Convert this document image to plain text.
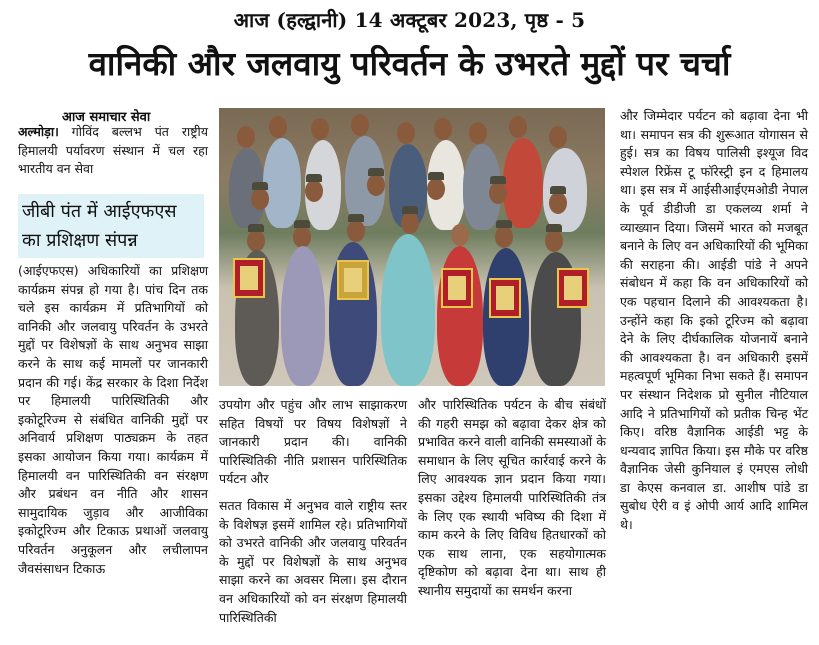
आज (हल्द्वानी) 14 अक्टूबर 2023, पृष्ठ - 5
वानिकी और जलवायु परिवर्तन के उभरते मुद्दों पर चर्चा
आज समाचार सेवा

अल्मोड़ा। गोविंद बल्लभ पंत राष्ट्रीय हिमालयी पर्यावरण संस्थान में चल रहा भारतीय वन सेवा

जीबी पंत में आईएफएस का प्रशिक्षण संपन्न

(आईएफएस) अधिकारियों का प्रशिक्षण कार्यक्रम संपन्न हो गया है। पांच दिन तक चले इस कार्यक्रम में प्रतिभागियों को वानिकी और जलवायु परिवर्तन के उभरते मुद्दों पर विशेषज्ञों के साथ अनुभव साझा करने के साथ कई मामलों पर जानकारी प्रदान की गई। केंद्र सरकार के दिशा निर्देश पर हिमालयी पारिस्थितिकी और इकोटूरिज्म से संबंधित वानिकी मुद्दों पर अनिवार्य प्रशिक्षण पाठ्यक्रम के तहत इसका आयोजन किया गया। कार्यक्रम में हिमालयी वन पारिस्थितिकी वन संरक्षण और प्रबंधन वन नीति और शासन सामुदायिक जुड़ाव और आजीविका इकोटूरिज्म और टिकाऊ प्रथाओं जलवायु परिवर्तन अनुकूलन और लचीलापन जैवसंसाधन टिकाऊ

उपयोग और पहुंच और लाभ साझाकरण सहित विषयों पर विषय विशेषज्ञों ने जानकारी प्रदान की। वानिकी पारिस्थितिकी नीति प्रशासन पारिस्थितिक पर्यटन और

सतत विकास में अनुभव वाले राष्ट्रीय स्तर के विशेषज्ञ इसमें शामिल रहे। प्रतिभागियों को उभरते वानिकी और जलवायु परिवर्तन के मुद्दों पर विशेषज्ञों के साथ अनुभव साझा करने का अवसर मिला। इस दौरान वन अधिकारियों को वन संरक्षण हिमालयी पारिस्थितिकी

और पारिस्थितिक पर्यटन के बीच संबंधों की गहरी समझ को बढ़ावा देकर क्षेत्र को प्रभावित करने वाली वानिकी समस्याओं के समाधान के लिए सूचित कार्रवाई करने के लिए आवश्यक ज्ञान प्रदान किया गया। इसका उद्देश्य हिमालयी पारिस्थितिकी तंत्र के लिए एक स्थायी भविष्य की दिशा में काम करने के लिए विविध हितधारकों को एक साथ लाना, एक सहयोगात्मक दृष्टिकोण को बढ़ावा देना था। साथ ही स्थानीय समुदायों का समर्थन करना

और जिम्मेदार पर्यटन को बढ़ावा देना भी था। समापन सत्र की शुरूआत योगासन से हुई। सत्र का विषय पालिसी इश्यूज विद स्पेशल रिफ्रेंस टू फॉरेस्ट्री इन द हिमालय था। इस सत्र में आईसीआईएमओडी नेपाल के पूर्व डीडीजी डा एकलव्य शर्मा ने व्याख्यान दिया। जिसमें भारत को मजबूत बनाने के लिए वन अधिकारियों की भूमिका की सराहना की। आईडी पांडे ने अपने संबोधन में कहा कि वन अधिकारियों को एक पहचान दिलाने की आवश्यकता है। उन्होंने कहा कि इको टूरिज्म को बढ़ावा देने के लिए दीर्घकालिक योजनायें बनाने की आवश्यकता है। वन अधिकारी इसमें महत्वपूर्ण भूमिका निभा सकते हैं। समापन पर संस्थान निदेशक प्रो सुनील नौटियाल आदि ने प्रतिभागियों को प्रतीक चिन्ह भेंट किए। वरिष्ठ वैज्ञानिक आईडी भट्ट के धन्यवाद ज्ञापित किया। इस मौके पर वरिष्ठ वैज्ञानिक जेसी कुनियाल इं एमएस लोधी डा केएस कनवाल डा. आशीष पांडे डा सुबोध ऐरी व इं ओपी आर्य आदि शामिल थे।
